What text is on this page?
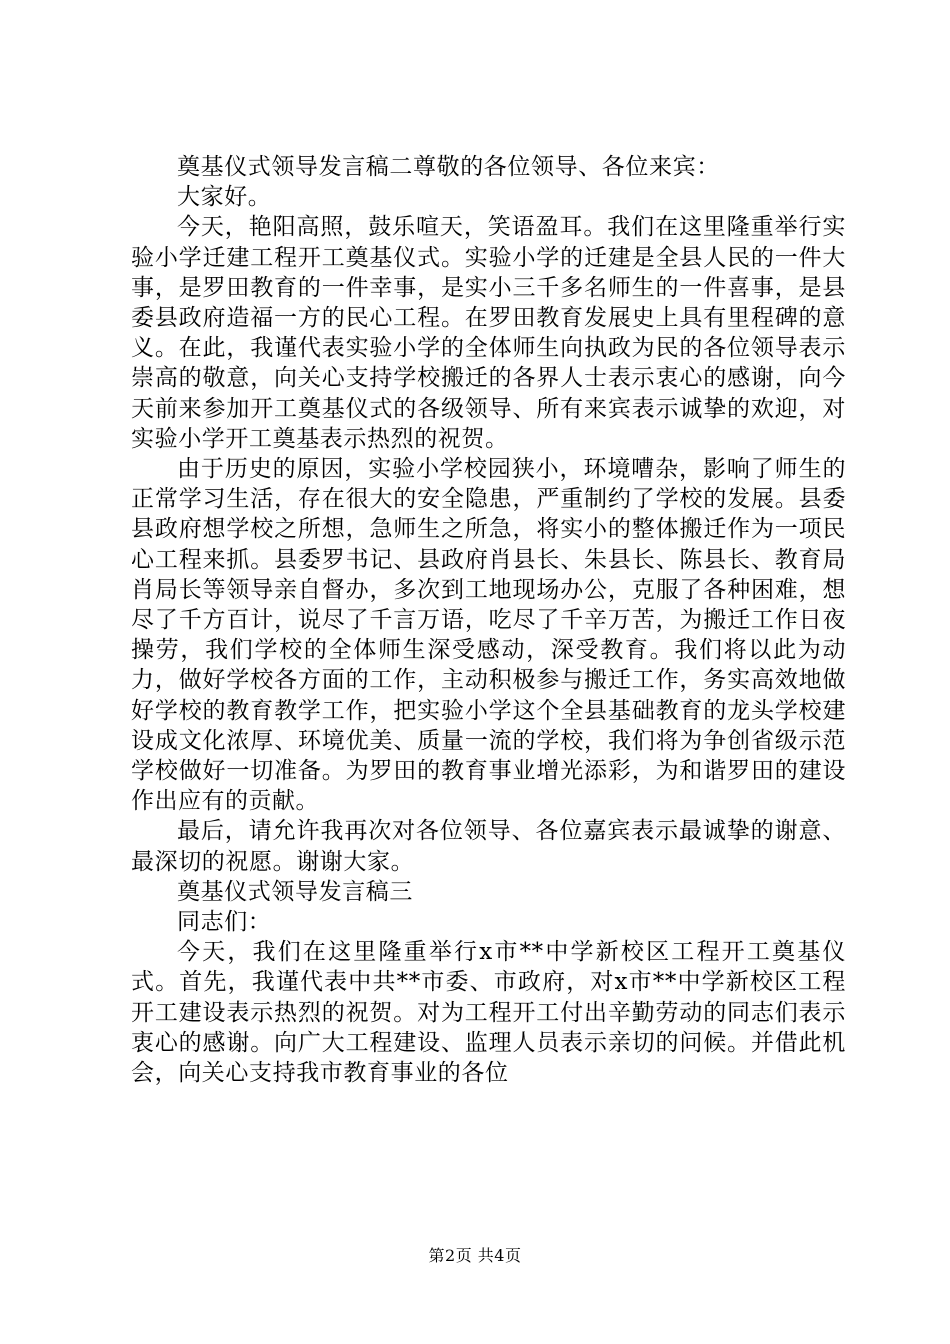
奠基仪式领导发言稿二尊敬的各位领导、各位来宾：

大家好。

今天，艳阳高照，鼓乐喧天，笑语盈耳。我们在这里隆重举行实验小学迁建工程开工奠基仪式。实验小学的迁建是全县人民的一件大事，是罗田教育的一件幸事，是实小三千多名师生的一件喜事，是县委县政府造福一方的民心工程。在罗田教育发展史上具有里程碑的意义。在此，我谨代表实验小学的全体师生向执政为民的各位领导表示崇高的敬意，向关心支持学校搬迁的各界人士表示衷心的感谢，向今天前来参加开工奠基仪式的各级领导、所有来宾表示诚挚的欢迎，对实验小学开工奠基表示热烈的祝贺。

由于历史的原因，实验小学校园狭小，环境嘈杂，影响了师生的正常学习生活，存在很大的安全隐患，严重制约了学校的发展。县委县政府想学校之所想，急师生之所急，将实小的整体搬迁作为一项民心工程来抓。县委罗书记、县政府肖县长、朱县长、陈县长、教育局肖局长等领导亲自督办，多次到工地现场办公，克服了各种困难，想尽了千方百计，说尽了千言万语，吃尽了千辛万苦，为搬迁工作日夜操劳，我们学校的全体师生深受感动，深受教育。我们将以此为动力，做好学校各方面的工作，主动积极参与搬迁工作，务实高效地做好学校的教育教学工作，把实验小学这个全县基础教育的龙头学校建设成文化浓厚、环境优美、质量一流的学校，我们将为争创省级示范学校做好一切准备。为罗田的教育事业增光添彩，为和谐罗田的建设作出应有的贡献。

最后，请允许我再次对各位领导、各位嘉宾表示最诚挚的谢意、最深切的祝愿。谢谢大家。

奠基仪式领导发言稿三

同志们：

今天，我们在这里隆重举行x市**中学新校区工程开工奠基仪式。首先，我谨代表中共**市委、市政府，对x市**中学新校区工程开工建设表示热烈的祝贺。对为工程开工付出辛勤劳动的同志们表示衷心的感谢。向广大工程建设、监理人员表示亲切的问候。并借此机会，向关心支持我市教育事业的各位

第2页 共4页
